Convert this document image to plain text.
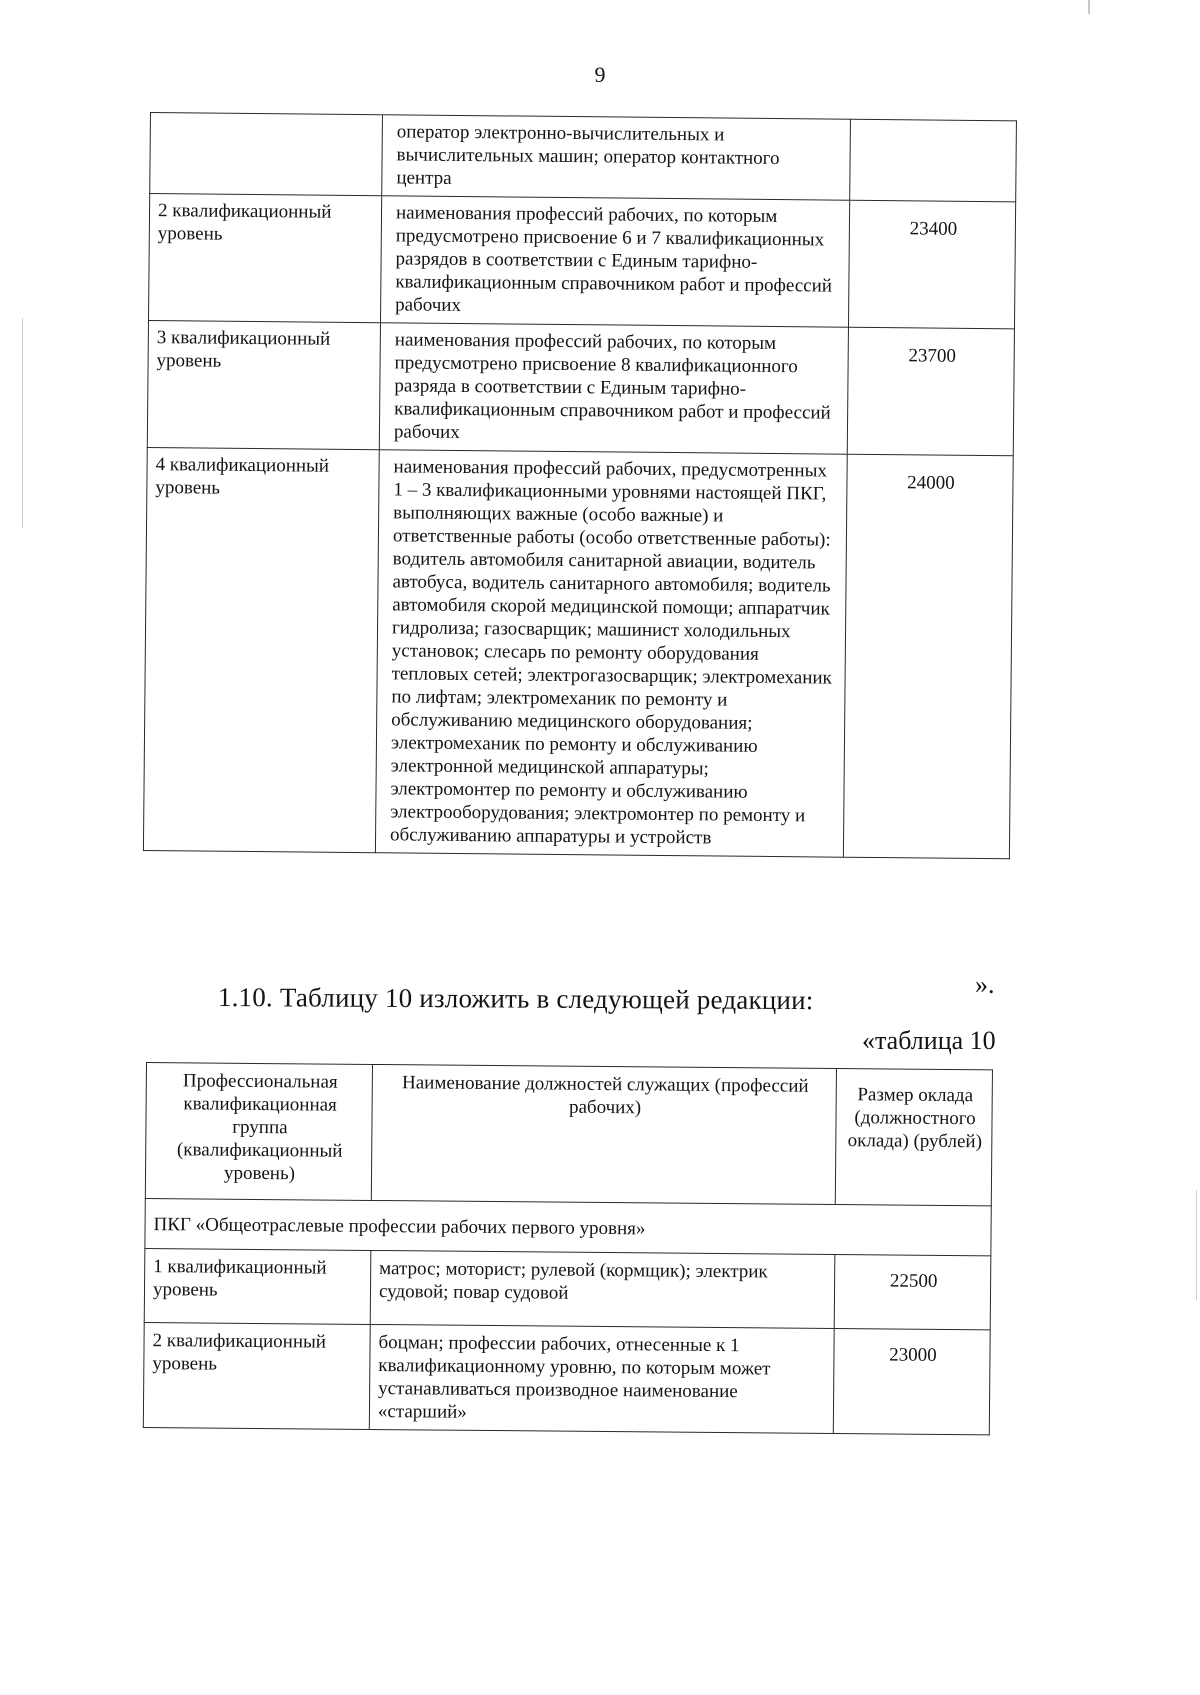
9
	оператор электронно-вычислительных и вычислительных машин; оператор контактного центра	
2 квалификационный уровень	наименования профессий рабочих, по которым предусмотрено присвоение 6 и 7 квалификационных разрядов в соответствии с Единым тарифно-квалификационным справочником работ и профессий рабочих	23400
3 квалификационный уровень	наименования профессий рабочих, по которым предусмотрено присвоение 8 квалификационного разряда в соответствии с Единым тарифно-квалификационным справочником работ и профессий рабочих	23700
4 квалификационный уровень	наименования профессий рабочих, предусмотренных 1 – 3 квалификационными уровнями настоящей ПКГ, выполняющих важные (особо важные) и ответственные работы (особо ответственные работы): водитель автомобиля санитарной авиации, водитель автобуса, водитель санитарного автомобиля; водитель автомобиля скорой медицинской помощи; аппаратчик гидролиза; газосварщик; машинист холодильных установок; слесарь по ремонту оборудования тепловых сетей; электрогазосварщик; электромеханик по лифтам; электромеханик по ремонту и обслуживанию медицинского оборудования; электромеханик по ремонту и обслуживанию электронной медицинской аппаратуры; электромонтер по ремонту и обслуживанию электрооборудования; электромонтер по ремонту и обслуживанию аппаратуры и устройств	24000
».
1.10. Таблицу 10 изложить в следующей редакции:
«таблица 10
Профессиональная квалификационная группа (квалификационный уровень)	Наименование должностей служащих (профессий рабочих)	Размер оклада (должностного оклада) (рублей)
ПКГ «Общеотраслевые профессии рабочих первого уровня»		
1 квалификационный уровень	матрос; моторист; рулевой (кормщик); электрик судовой; повар судовой	22500
2 квалификационный уровень	боцман; профессии рабочих, отнесенные к 1 квалификационному уровню, по которым может устанавливаться производное наименование «старший»	23000
